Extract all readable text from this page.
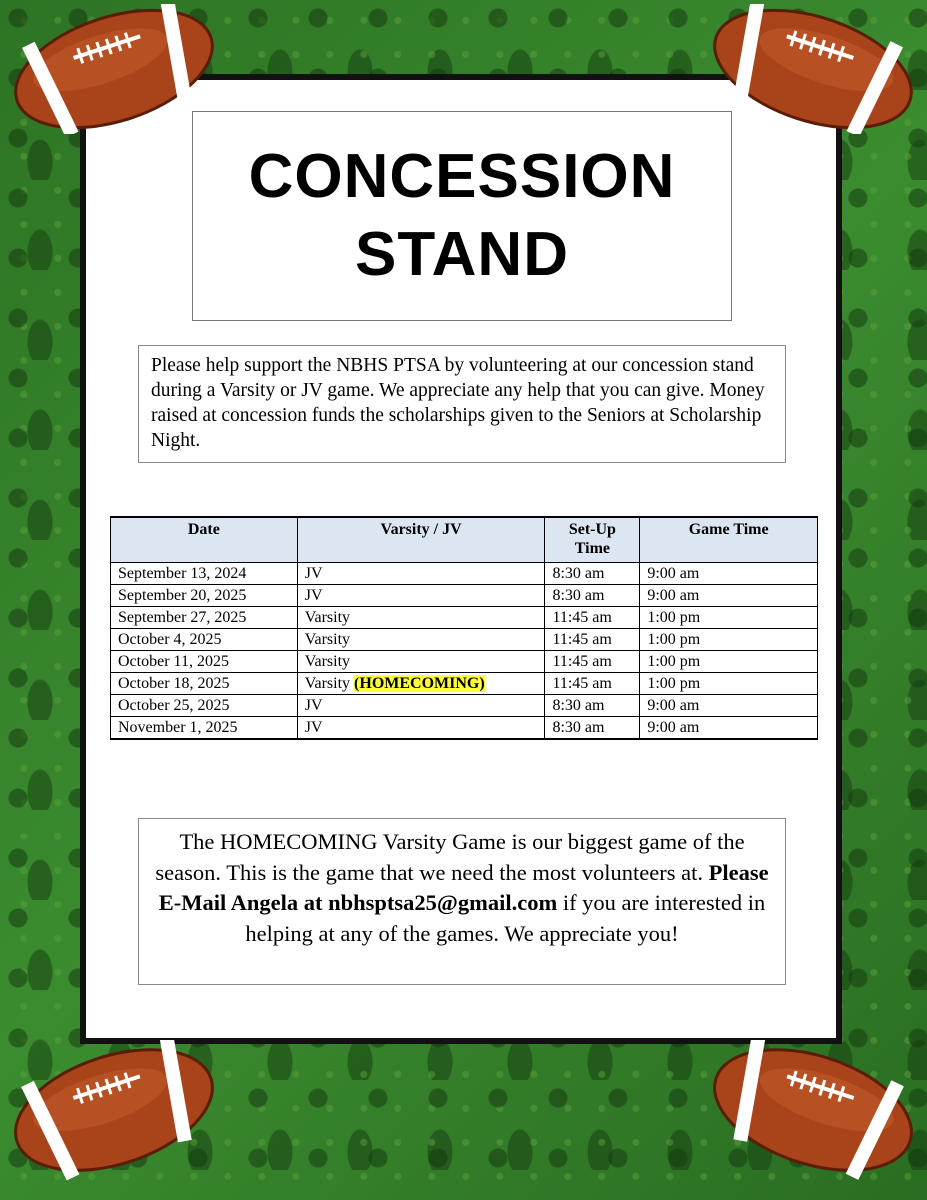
CONCESSION
STAND
Please help support the NBHS PTSA by volunteering at our concession stand during a Varsity or JV game. We appreciate any help that you can give. Money raised at concession funds the scholarships given to the Seniors at Scholarship Night.
Date	Varsity / JV	Set-Up Time	Game Time
September 13, 2024	JV	8:30 am	9:00 am
September 20, 2025	JV	8:30 am	9:00 am
September 27, 2025	Varsity	11:45 am	1:00 pm
October 4, 2025	Varsity	11:45 am	1:00 pm
October 11, 2025	Varsity	11:45 am	1:00 pm
October 18, 2025	Varsity (HOMECOMING)	11:45 am	1:00 pm
October 25, 2025	JV	8:30 am	9:00 am
November 1, 2025	JV	8:30 am	9:00 am
The HOMECOMING Varsity Game is our biggest game of the season. This is the game that we need the most volunteers at. Please E-Mail Angela at nbhsptsa25@gmail.com if you are interested in helping at any of the games. We appreciate you!
